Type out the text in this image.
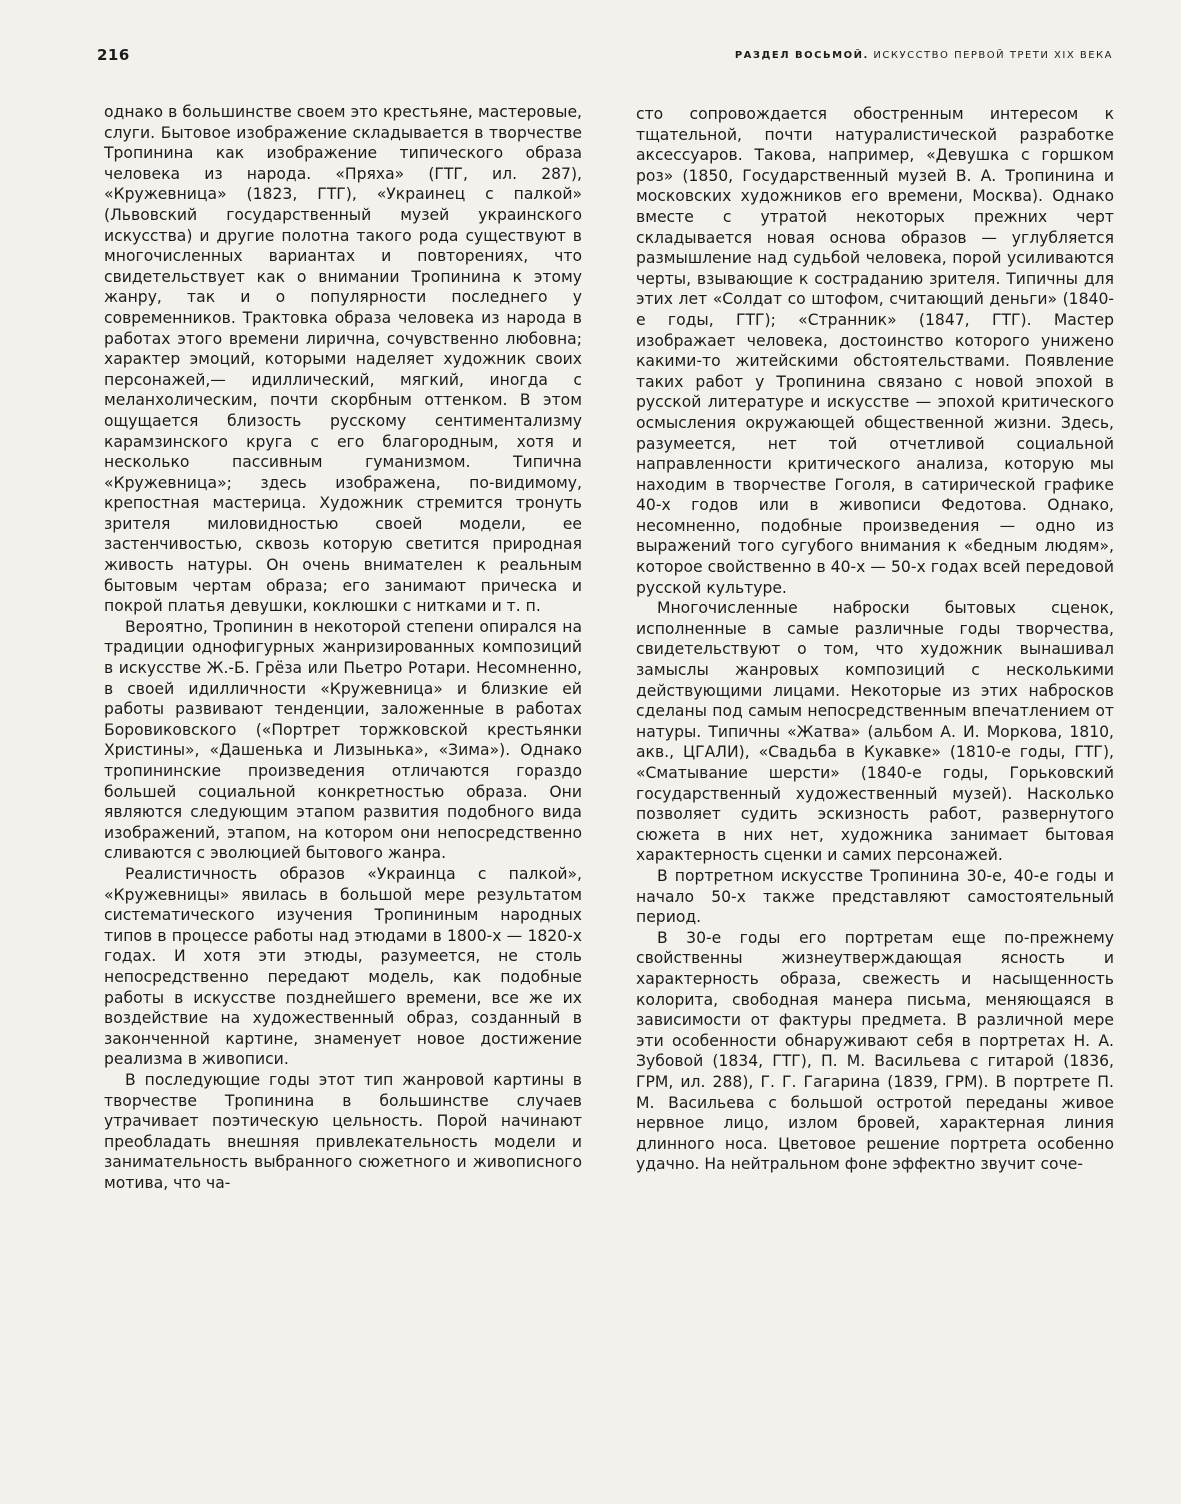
216	РАЗДЕЛ ВОСЬМОЙ. ИСКУССТВО ПЕРВОЙ ТРЕТИ XIX ВЕКА

однако в большинстве своем это крестьяне, мастеровые, слуги. Бытовое изображение складывается в творчестве Тропинина как изображение типического образа человека из народа. «Пряха» (ГТГ, ил. 287), «Кружевница» (1823, ГТГ), «Украинец с палкой» (Львовский государственный музей украинского искусства) и другие полотна такого рода существуют в многочисленных вариантах и повторениях, что свидетельствует как о внимании Тропинина к этому жанру, так и о популярности последнего у современников. Трактовка образа человека из народа в работах этого времени лирична, сочувственно любовна; характер эмоций, которыми наделяет художник своих персонажей,— идиллический, мягкий, иногда с меланхолическим, почти скорбным оттенком. В этом ощущается близость русскому сентиментализму карамзинского круга с его благородным, хотя и несколько пассивным гуманизмом. Типична «Кружевница»; здесь изображена, по-видимому, крепостная мастерица. Художник стремится тронуть зрителя миловидностью своей модели, ее застенчивостью, сквозь которую светится природная живость натуры. Он очень внимателен к реальным бытовым чертам образа; его занимают прическа и покрой платья девушки, коклюшки с нитками и т. п.

Вероятно, Тропинин в некоторой степени опирался на традиции однофигурных жанризированных композиций в искусстве Ж.-Б. Грёза или Пьетро Ротари. Несомненно, в своей идилличности «Кружевница» и близкие ей работы развивают тенденции, заложенные в работах Боровиковского («Портрет торжковской крестьянки Христины», «Дашенька и Лизынька», «Зима»). Однако тропининские произведения отличаются гораздо большей социальной конкретностью образа. Они являются следующим этапом развития подобного вида изображений, этапом, на котором они непосредственно сливаются с эволюцией бытового жанра.

Реалистичность образов «Украинца с палкой», «Кружевницы» явилась в большой мере результатом систематического изучения Тропининым народных типов в процессе работы над этюдами в 1800-х — 1820-х годах. И хотя эти этюды, разумеется, не столь непосредственно передают модель, как подобные работы в искусстве позднейшего времени, все же их воздействие на художественный образ, созданный в законченной картине, знаменует новое достижение реализма в живописи.

В последующие годы этот тип жанровой картины в творчестве Тропинина в большинстве случаев утрачивает поэтическую цельность. Порой начинают преобладать внешняя привлекательность модели и занимательность выбранного сюжетного и живописного мотива, что ча-

сто сопровождается обостренным интересом к тщательной, почти натуралистической разработке аксессуаров. Такова, например, «Девушка с горшком роз» (1850, Государственный музей В. А. Тропинина и московских художников его времени, Москва). Однако вместе с утратой некоторых прежних черт складывается новая основа образов — углубляется размышление над судьбой человека, порой усиливаются черты, взывающие к состраданию зрителя. Типичны для этих лет «Солдат со штофом, считающий деньги» (1840-е годы, ГТГ); «Странник» (1847, ГТГ). Мастер изображает человека, достоинство которого унижено какими-то житейскими обстоятельствами. Появление таких работ у Тропинина связано с новой эпохой в русской литературе и искусстве — эпохой критического осмысления окружающей общественной жизни. Здесь, разумеется, нет той отчетливой социальной направленности критического анализа, которую мы находим в творчестве Гоголя, в сатирической графике 40-х годов или в живописи Федотова. Однако, несомненно, подобные произведения — одно из выражений того сугубого внимания к «бедным людям», которое свойственно в 40-х — 50-х годах всей передовой русской культуре.

Многочисленные наброски бытовых сценок, исполненные в самые различные годы творчества, свидетельствуют о том, что художник вынашивал замыслы жанровых композиций с несколькими действующими лицами. Некоторые из этих набросков сделаны под самым непосредственным впечатлением от натуры. Типичны «Жатва» (альбом А. И. Моркова, 1810, акв., ЦГАЛИ), «Свадьба в Кукавке» (1810-е годы, ГТГ), «Сматывание шерсти» (1840-е годы, Горьковский государственный художественный музей). Насколько позволяет судить эскизность работ, развернутого сюжета в них нет, художника занимает бытовая характерность сценки и самих персонажей.

В портретном искусстве Тропинина 30-е, 40-е годы и начало 50-х также представляют самостоятельный период.

В 30-е годы его портретам еще по-прежнему свойственны жизнеутверждающая ясность и характерность образа, свежесть и насыщенность колорита, свободная манера письма, меняющаяся в зависимости от фактуры предмета. В различной мере эти особенности обнаруживают себя в портретах Н. А. Зубовой (1834, ГТГ), П. М. Васильева с гитарой (1836, ГРМ, ил. 288), Г. Г. Гагарина (1839, ГРМ). В портрете П. М. Васильева с большой остротой переданы живое нервное лицо, излом бровей, характерная линия длинного носа. Цветовое решение портрета особенно удачно. На нейтральном фоне эффектно звучит соче-
